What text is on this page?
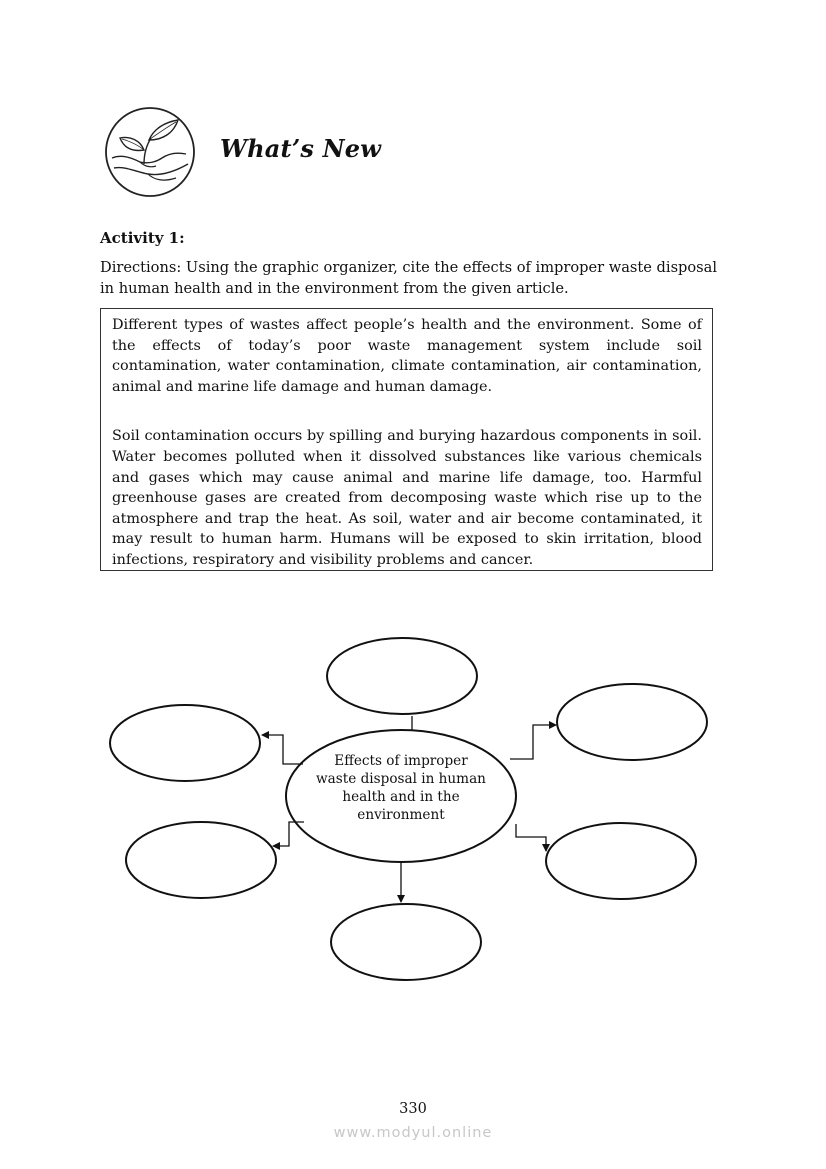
What’s New

Activity 1:

Directions: Using the graphic organizer, cite the effects of improper waste disposal in human health and in the environment from the given article.

Different types of wastes affect people’s health and the environment. Some of the effects of today’s poor waste management system include soil contamination, water contamination, climate contamination, air contamination, animal and marine life damage and human damage.

Soil contamination occurs by spilling and burying hazardous components in soil. Water becomes polluted when it dissolved substances like various chemicals and gases which may cause animal and marine life damage, too. Harmful greenhouse gases are created from decomposing waste which rise up to the atmosphere and trap the heat. As soil, water and air become contaminated, it may result to human harm. Humans will be exposed to skin irritation, blood infections, respiratory and visibility problems and cancer.

Effects of improper waste disposal in human health and in the environment

330

www.modyul.online
